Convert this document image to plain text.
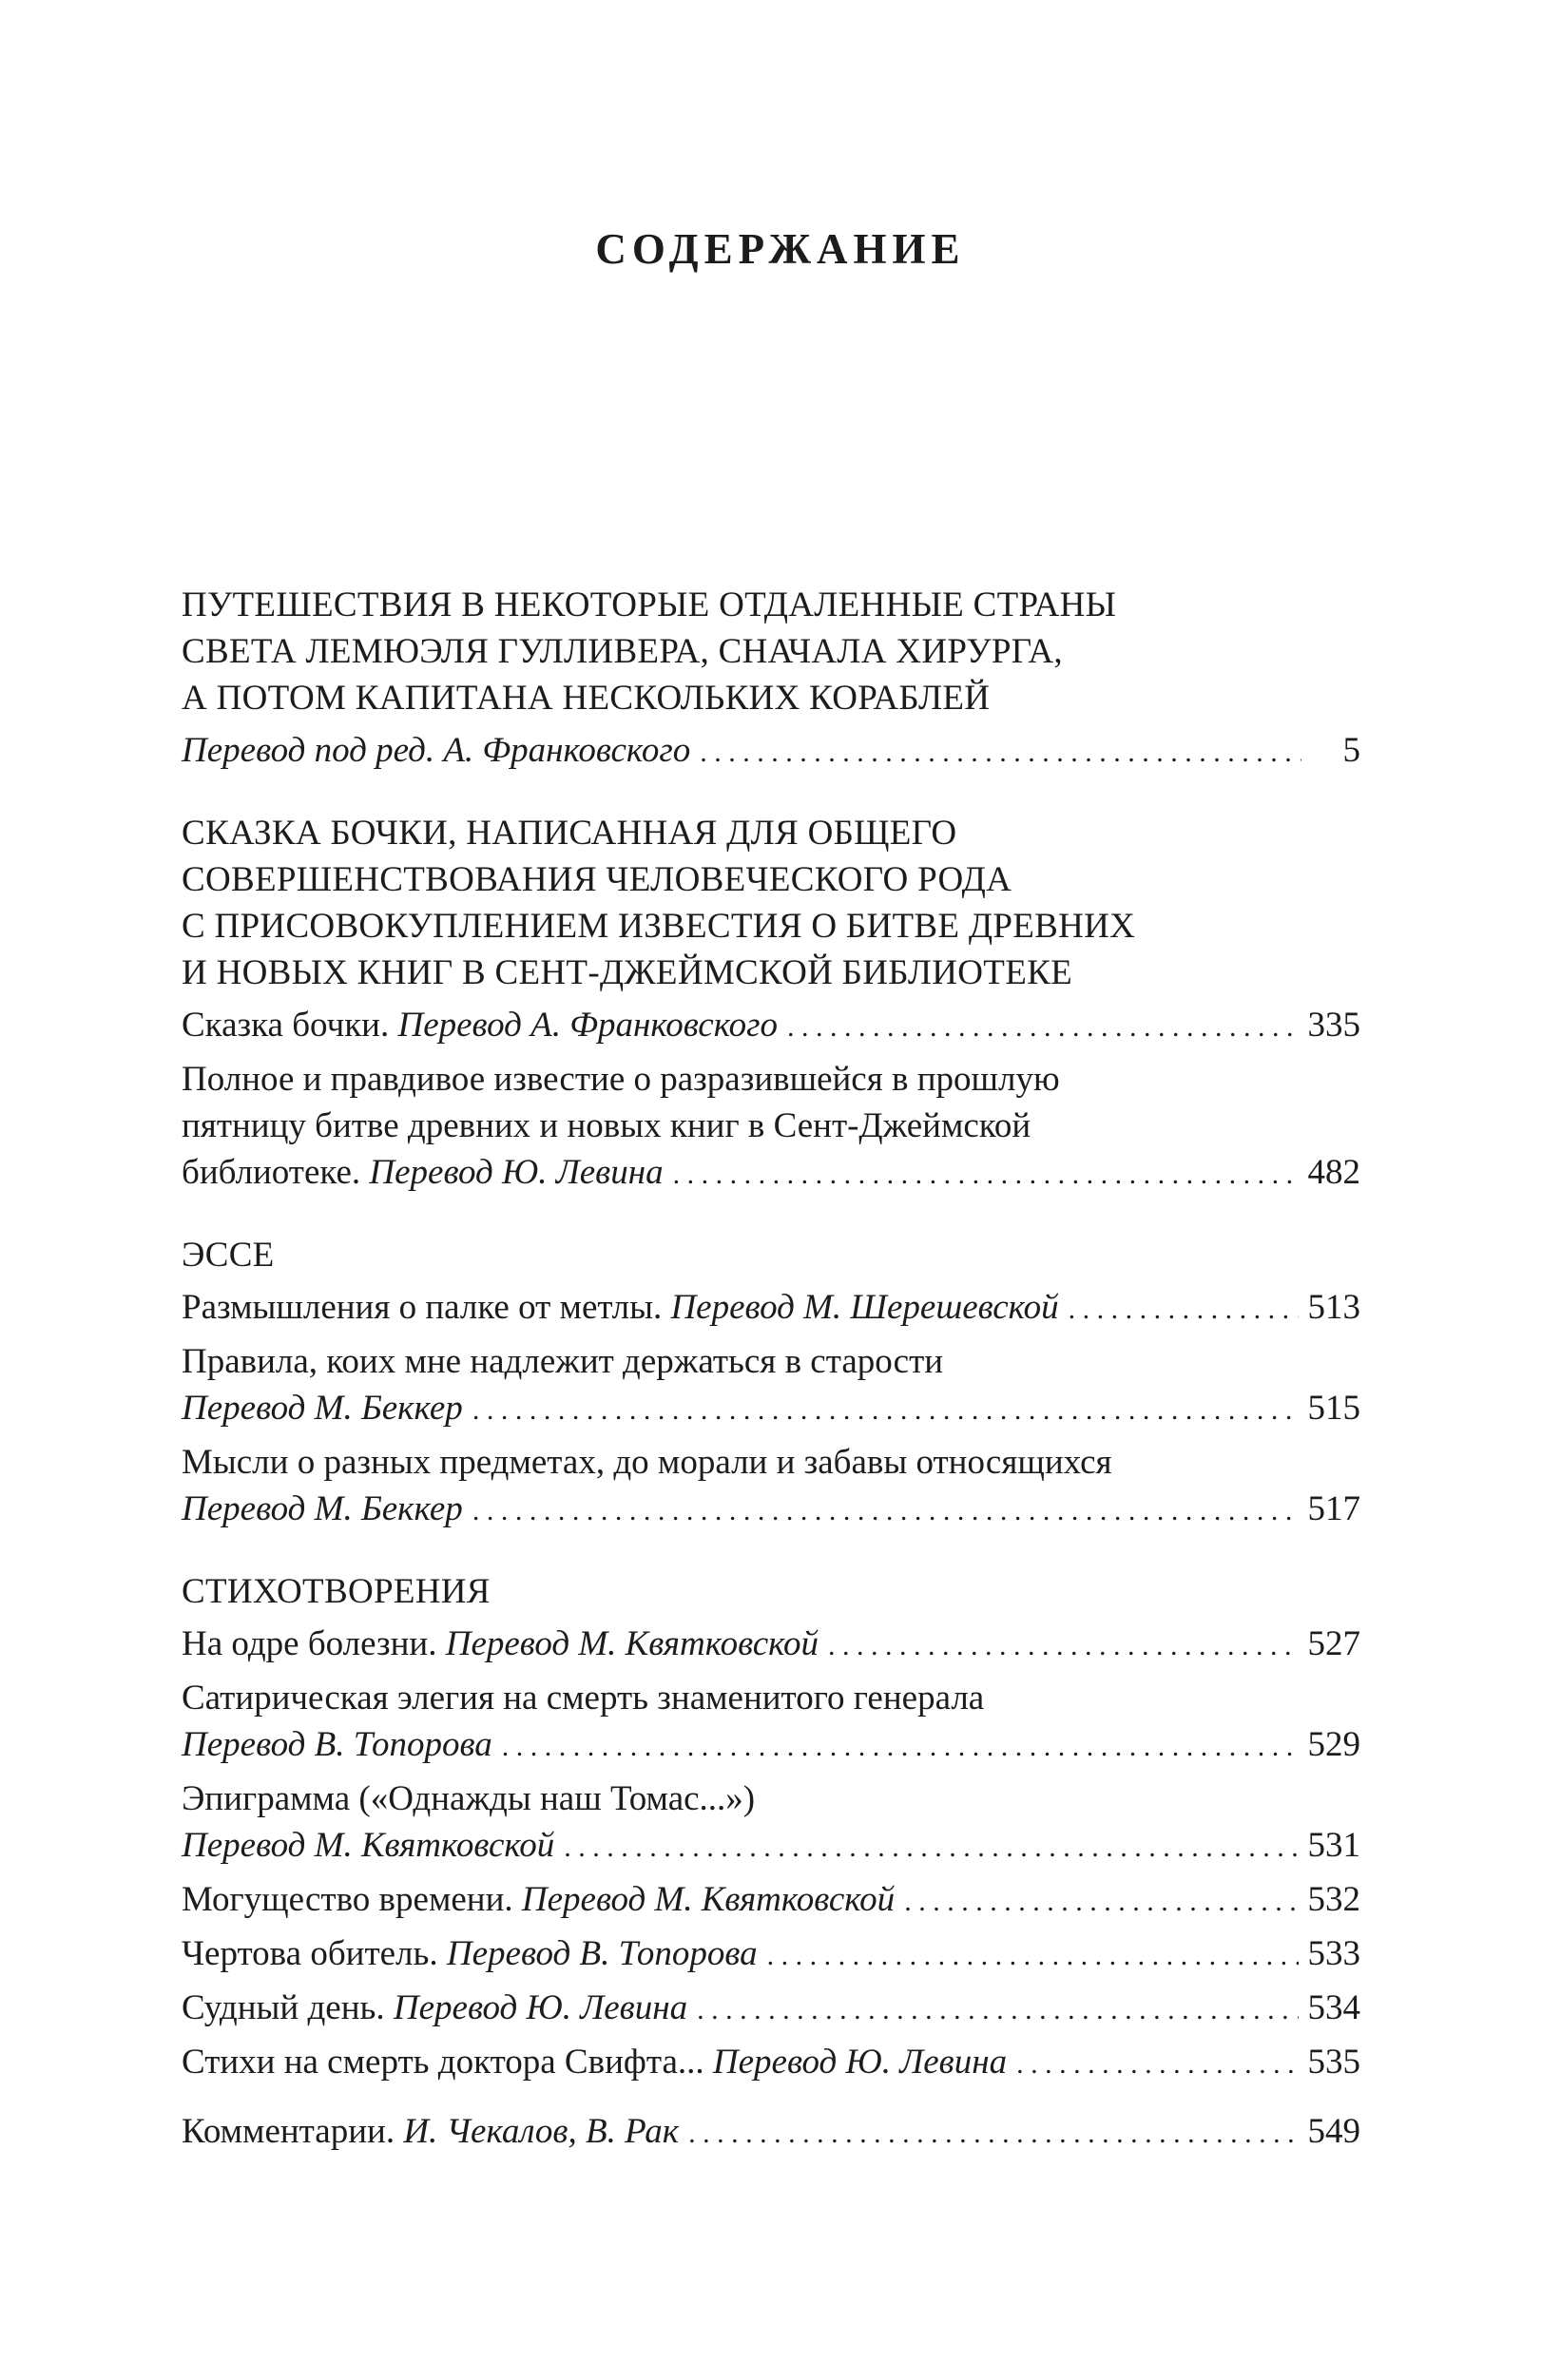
СОДЕРЖАНИЕ
ПУТЕШЕСТВИЯ В НЕКОТОРЫЕ ОТДАЛЕННЫЕ СТРАНЫ
СВЕТА ЛЕМЮЭЛЯ ГУЛЛИВЕРА, СНАЧАЛА ХИРУРГА,
А ПОТОМ КАПИТАНА НЕСКОЛЬКИХ КОРАБЛЕЙ
Перевод под ред. А. Франковского . . .	5
СКАЗКА БОЧКИ, НАПИСАННАЯ ДЛЯ ОБЩЕГО
СОВЕРШЕНСТВОВАНИЯ ЧЕЛОВЕЧЕСКОГО РОДА
С ПРИСОВОКУПЛЕНИЕМ ИЗВЕСТИЯ О БИТВЕ ДРЕВНИХ
И НОВЫХ КНИГ В СЕНТ-ДЖЕЙМСКОЙ БИБЛИОТЕКЕ
Сказка бочки. Перевод А. Франковского . . .	335
Полное и правдивое известие о разразившейся в прошлую
пятницу битве древних и новых книг в Сент-Джеймской
библиотеке. Перевод Ю. Левина . . .	482
ЭССЕ
Размышления о палке от метлы. Перевод М. Шерешевской . . .	513
Правила, коих мне надлежит держаться в старости
Перевод М. Беккер . . .	515
Мысли о разных предметах, до морали и забавы относящихся
Перевод М. Беккер . . .	517
СТИХОТВОРЕНИЯ
На одре болезни. Перевод М. Квятковской . . .	527
Сатирическая элегия на смерть знаменитого генерала
Перевод В. Топорова . . .	529
Эпиграмма («Однажды наш Томас...»)
Перевод М. Квятковской . . .	531
Могущество времени. Перевод М. Квятковской . . .	532
Чертова обитель. Перевод В. Топорова . . .	533
Судный день. Перевод Ю. Левина . . .	534
Стихи на смерть доктора Свифта... Перевод Ю. Левина . . .	535
Комментарии. И. Чекалов, В. Рак . . .	549
